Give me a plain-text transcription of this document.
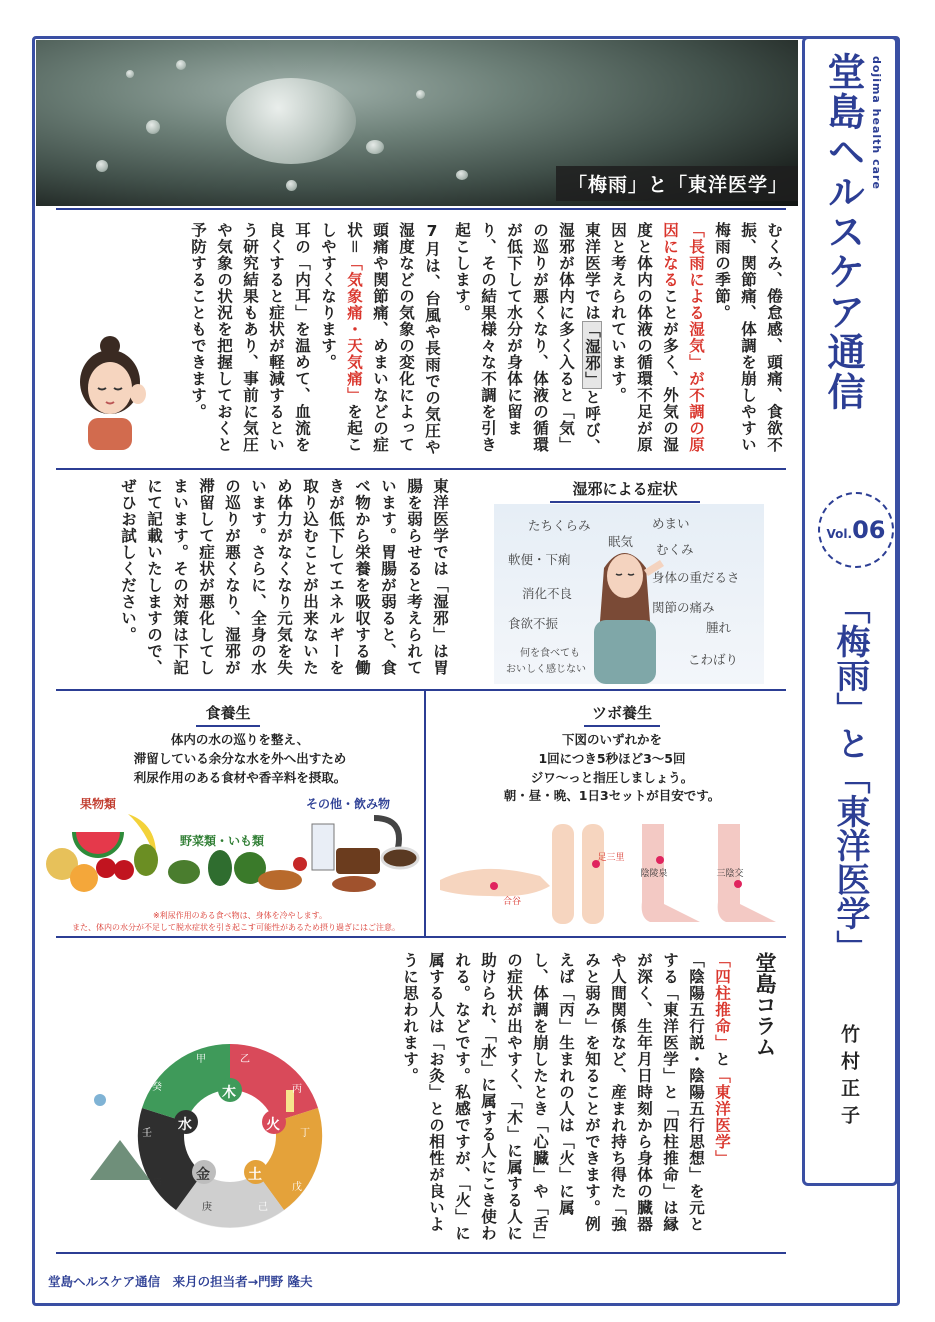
「梅雨」と「東洋医学」 堂島ヘルスケア通信 dojima health care
Vol.06
「梅雨」と「東洋医学」
竹村正子
むくみ、倦怠感、頭痛、食欲不振、関節痛、体調を崩しやすい梅雨の季節。
「長雨による湿気」が不調の原因になることが多く、外気の湿度と体内の体液の循環不足が原因と考えられています。
東洋医学では「湿邪」と呼び、湿邪が体内に多く入ると「気」の巡りが悪くなり、体液の循環が低下して水分が身体に留まり、その結果様々な不調を引き起こします。
7月は、台風や長雨での気圧や湿度などの気象の変化によって頭痛や関節痛、めまいなどの症状＝「気象痛・天気痛」を起こしやすくなります。
耳の「内耳」を温めて、血流を良くすると症状が軽減するという研究結果もあり、事前に気圧や気象の状況を把握しておくと予防することもできます。
東洋医学では「湿邪」は胃腸を弱らせると考えられています。胃腸が弱ると、食べ物から栄養を吸収する働きが低下してエネルギーを取り込むことが出来ないため体力がなくなり元気を失います。さらに、全身の水の巡りが悪くなり、湿邪が滞留して症状が悪化してしまいます。その対策は下記にて記載いたしますので、ぜひお試しください。	湿邪による症状
たちくらみ	めまい
眠気
むくみ
軟便・下痢
身体の重だるさ
消化不良
関節の痛み
腫れ
食欲不振
何を食べても
おいしく感じない
こわばり
食養生
体内の水の巡りを整え、
滞留している余分な水を外へ出すため
利尿作用のある食材や香辛料を摂取。
果物類
野菜類・いも類
その他・飲み物
※利尿作用のある食べ物は、身体を冷やします。
また、体内の水分が不足して脱水症状を引き起こす可能性があるため摂り過ぎにはご注意。
ツボ養生
下図のいずれかを
1回につき5秒ほど3～5回
ジワ～っと指圧しましょう。
朝・昼・晩、1日3セットが目安です。
合谷
足三里
陰陵泉	三陰交
堂島コラム
「四柱推命」と「東洋医学」
「陰陽五行説・陰陽五行思想」を元とする「東洋医学」と「四柱推命」は縁が深く、生年月日時刻から身体の臓器や人間関係など、産まれ持ち得た「強みと弱み」を知ることができます。例えば「丙」生まれの人は「火」に属し、体調を崩したとき「心臓」や「舌」の症状が出やすく、「木」に属する人に助けられ、「水」に属する人にこき使われる。などです。私感ですが、「火」に属する人は「お灸」との相性が良いように思われます。
木
火
土
金
水
甲	乙
丙
丁
戊
己
庚
辛
壬
癸
堂島ヘルスケア通信　来月の担当者→門野 隆夫
